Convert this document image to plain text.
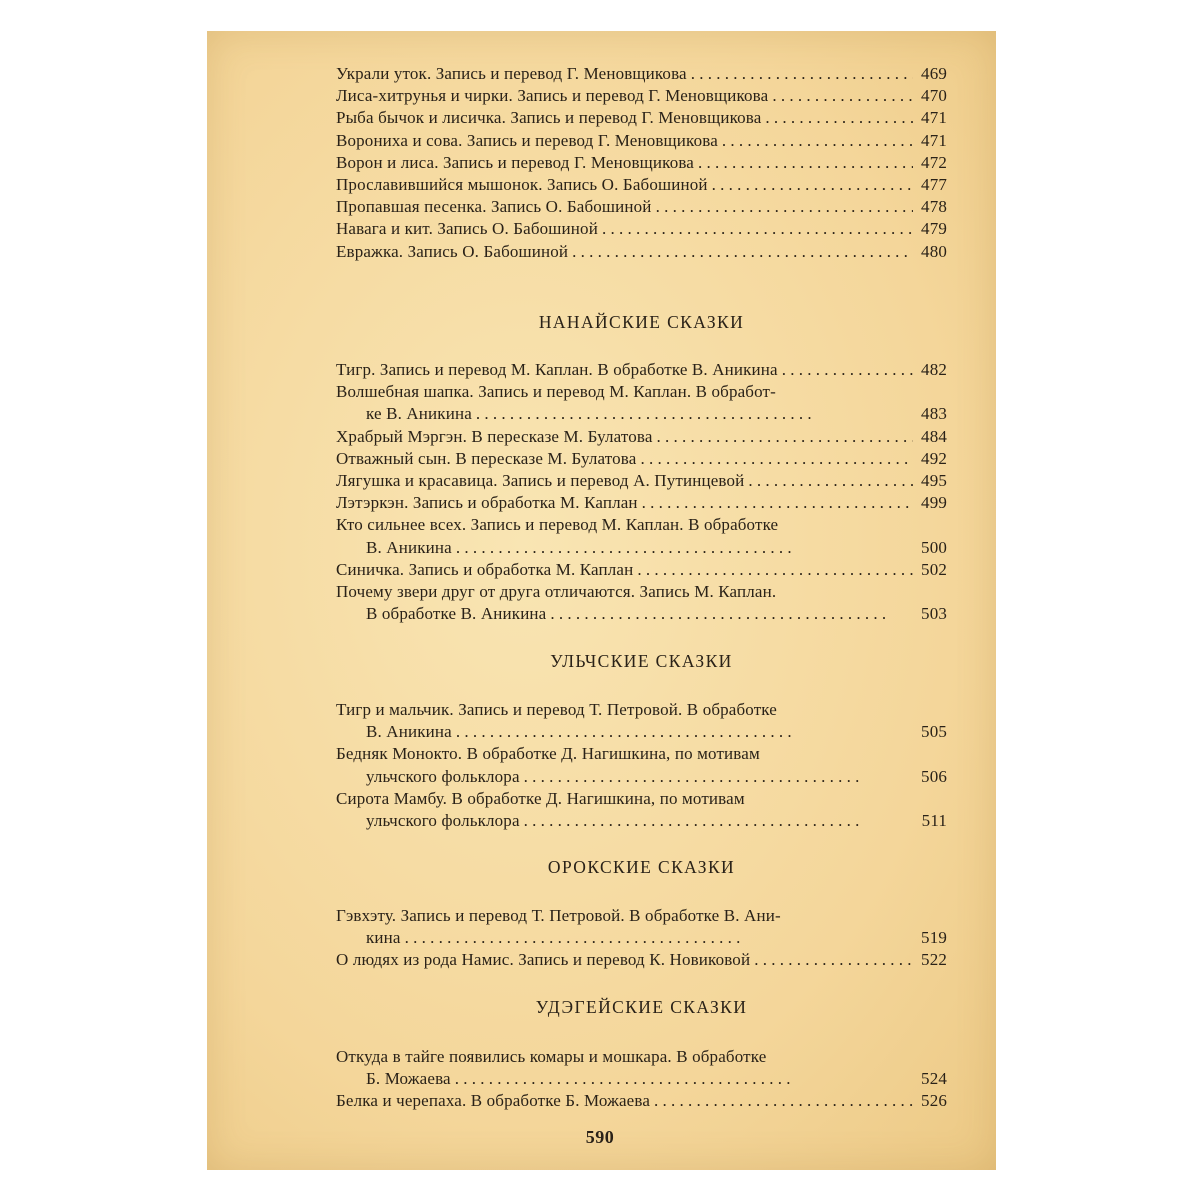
Украли уток. Запись и перевод Г. Меновщикова . .	469
Лиса-хитрунья и чирки. Запись и перевод Г. Меновщикова . .	470
Рыба бычок и лисичка. Запись и перевод Г. Меновщикова . .	471
Ворониха и сова. Запись и перевод Г. Меновщикова . .	471
Ворон и лиса. Запись и перевод Г. Меновщикова . .	472
Прославившийся мышонок. Запись О. Бабошиной . .	477
Пропавшая песенка. Запись О. Бабошиной . .	478
Навага и кит. Запись О. Бабошиной . .	479
Евражка. Запись О. Бабошиной . .	480
НАНАЙСКИЕ СКАЗКИ
Тигр. Запись и перевод М. Каплан. В обработке В. Аникина . .	482
Волшебная шапка. Запись и перевод М. Каплан. В обработ-
ке В. Аникина . .	483
Храбрый Мэргэн. В пересказе М. Булатова . .	484
Отважный сын. В пересказе М. Булатова . .	492
Лягушка и красавица. Запись и перевод А. Путинцевой . .	495
Лэтэркэн. Запись и обработка М. Каплан . .	499
Кто сильнее всех. Запись и перевод М. Каплан. В обработке
В. Аникина . .	500
Синичка. Запись и обработка М. Каплан . .	502
Почему звери друг от друга отличаются. Запись М. Каплан.
В обработке В. Аникина . .	503
УЛЬЧСКИЕ СКАЗКИ
Тигр и мальчик. Запись и перевод Т. Петровой. В обработке
В. Аникина . .	505
Бедняк Монокто. В обработке Д. Нагишкина, по мотивам
ульчского фольклора . .	506
Сирота Мамбу. В обработке Д. Нагишкина, по мотивам
ульчского фольклора . .	511
ОРОКСКИЕ СКАЗКИ
Гэвхэту. Запись и перевод Т. Петровой. В обработке В. Ани-
кина . .	519
О людях из рода Намис. Запись и перевод К. Новиковой . .	522
УДЭГЕЙСКИЕ СКАЗКИ
Откуда в тайге появились комары и мошкара. В обработке
Б. Можаева . .	524
Белка и черепаха. В обработке Б. Можаева . .	526
590
